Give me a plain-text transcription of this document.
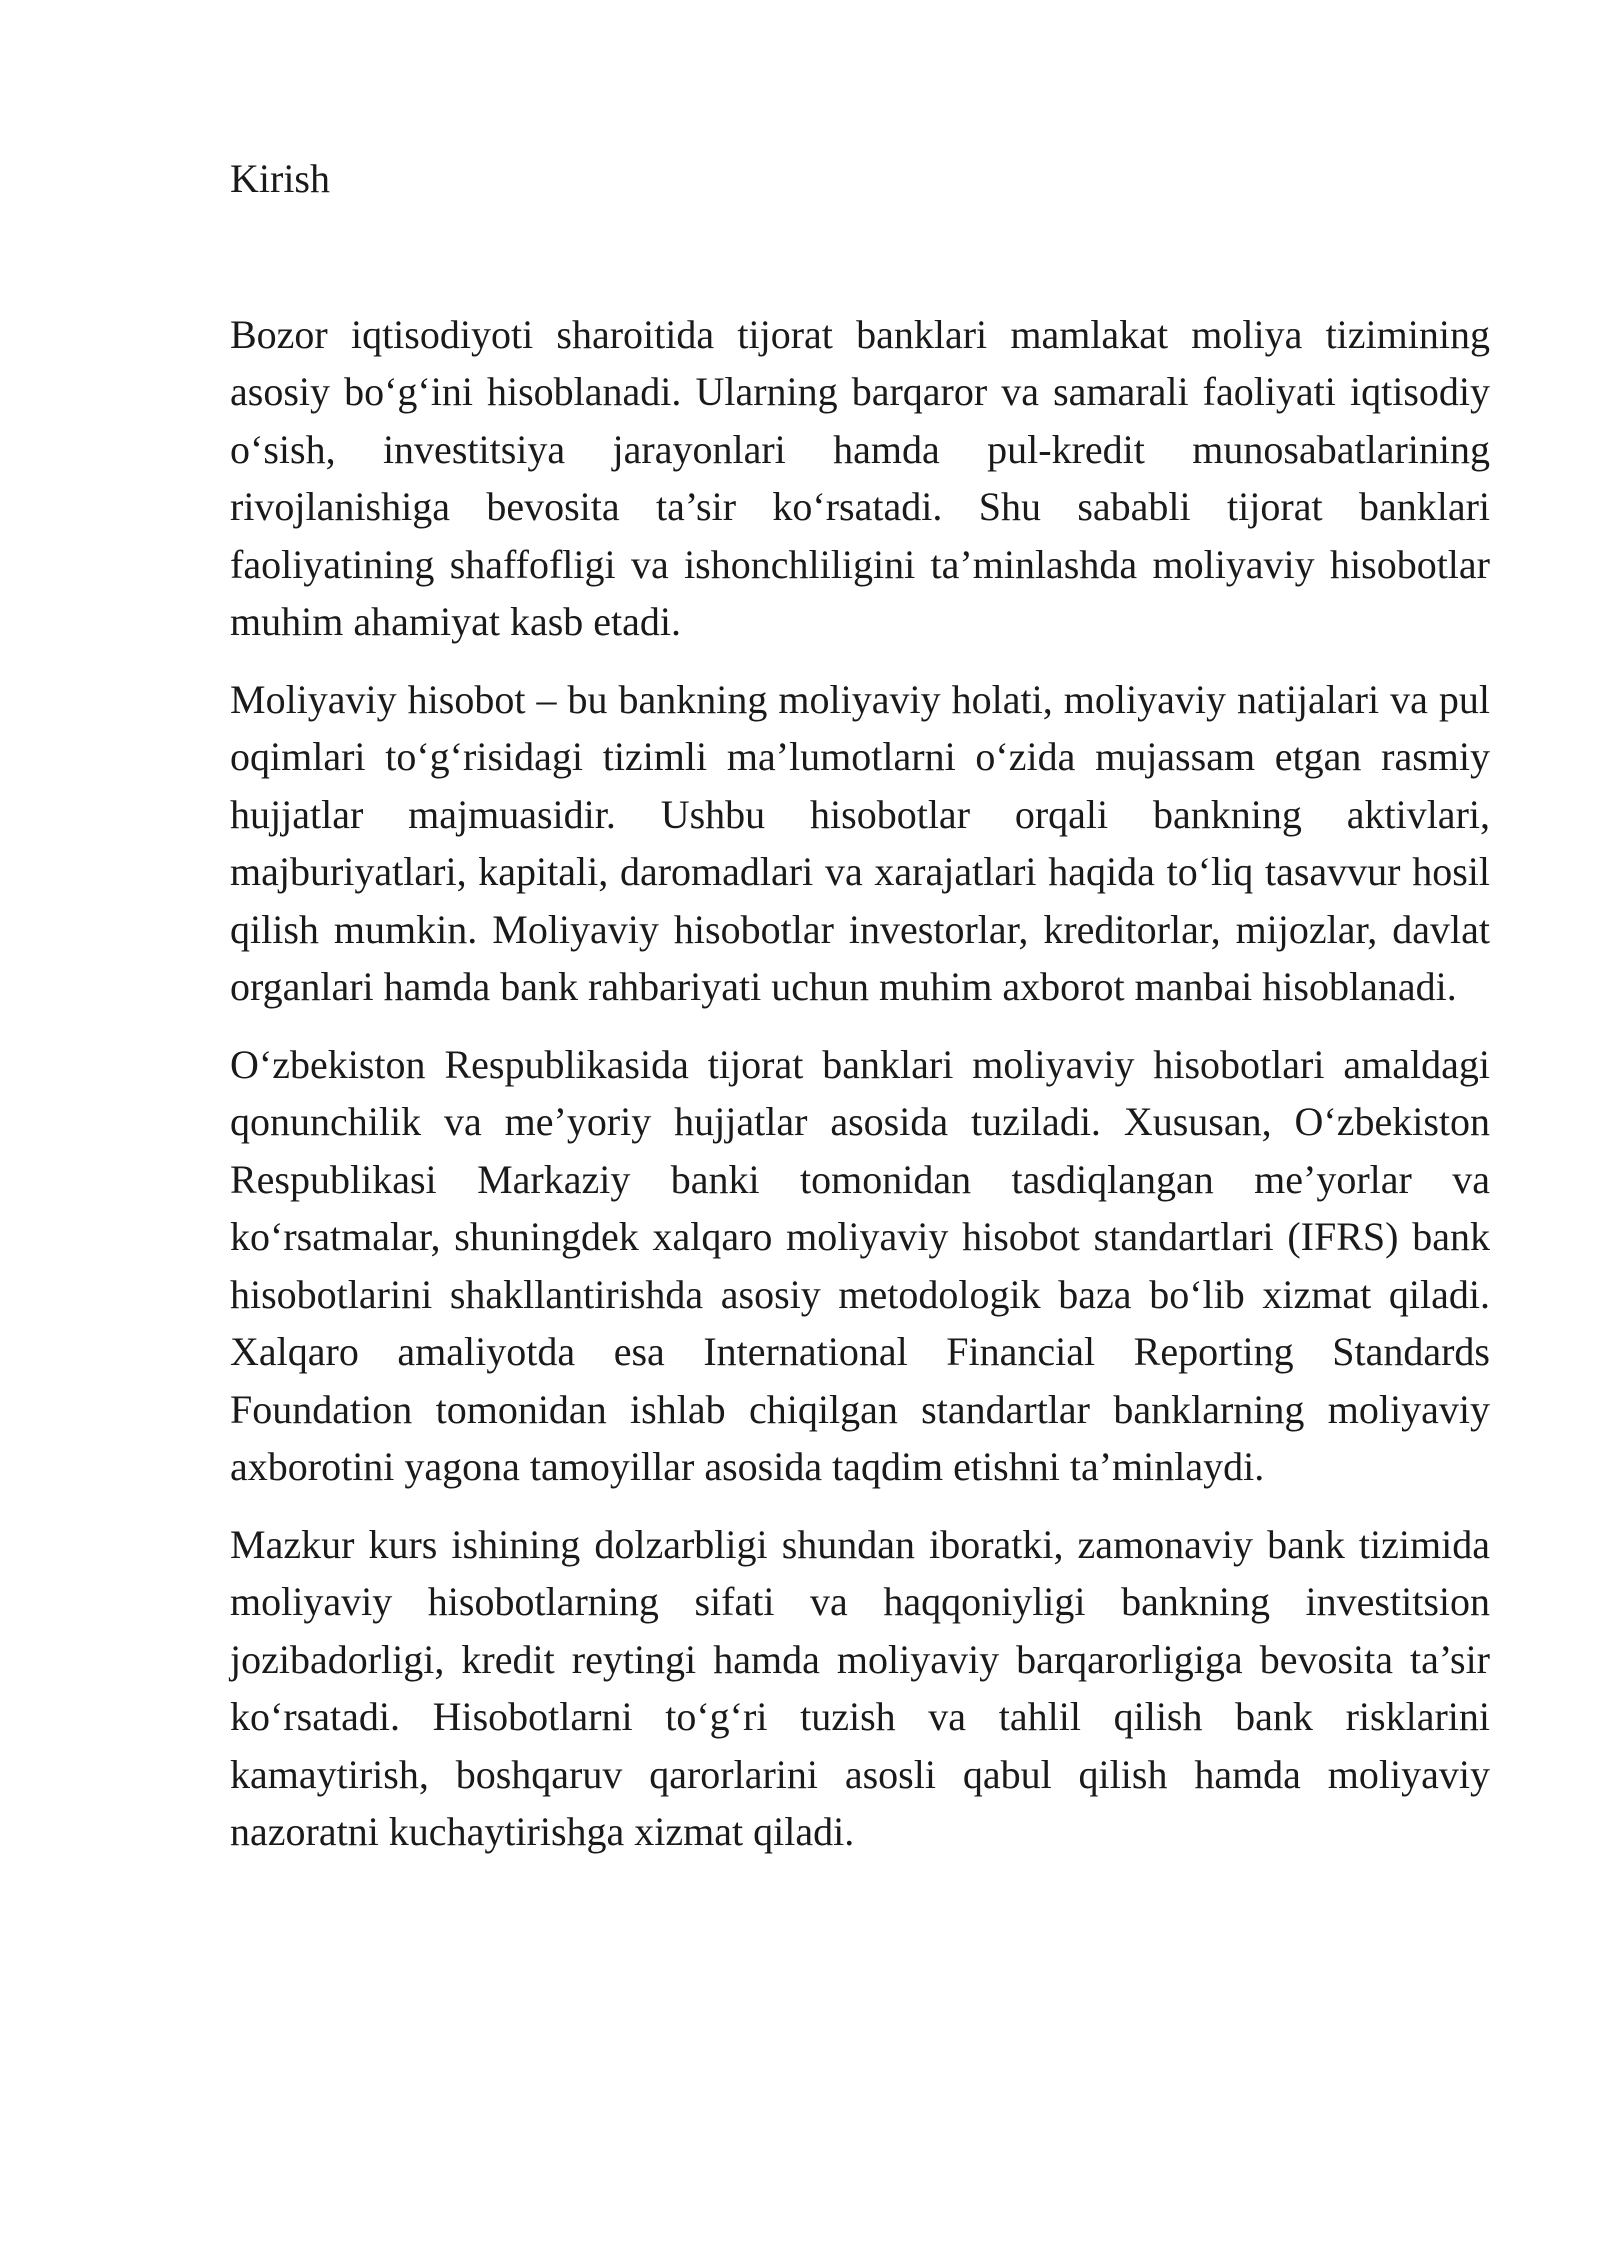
Kirish

Bozor iqtisodiyoti sharoitida tijorat banklari mamlakat moliya tizimining asosiy bo‘g‘ini hisoblanadi. Ularning barqaror va samarali faoliyati iqtisodiy o‘sish, investitsiya jarayonlari hamda pul-kredit munosabatlarining rivojlanishiga bevosita ta’sir ko‘rsatadi. Shu sababli tijorat banklari faoliyatining shaffofligi va ishonchliligini ta’minlashda moliyaviy hisobotlar muhim ahamiyat kasb etadi.

Moliyaviy hisobot – bu bankning moliyaviy holati, moliyaviy natijalari va pul oqimlari to‘g‘risidagi tizimli ma’lumotlarni o‘zida mujassam etgan rasmiy hujjatlar majmuasidir. Ushbu hisobotlar orqali bankning aktivlari, majburiyatlari, kapitali, daromadlari va xarajatlari haqida to‘liq tasavvur hosil qilish mumkin. Moliyaviy hisobotlar investorlar, kreditorlar, mijozlar, davlat organlari hamda bank rahbariyati uchun muhim axborot manbai hisoblanadi.

O‘zbekiston Respublikasida tijorat banklari moliyaviy hisobotlari amaldagi qonunchilik va me’yoriy hujjatlar asosida tuziladi. Xususan, O‘zbekiston Respublikasi Markaziy banki tomonidan tasdiqlangan me’yorlar va ko‘rsatmalar, shuningdek xalqaro moliyaviy hisobot standartlari (IFRS) bank hisobotlarini shakllantirishda asosiy metodologik baza bo‘lib xizmat qiladi. Xalqaro amaliyotda esa International Financial Reporting Standards Foundation tomonidan ishlab chiqilgan standartlar banklarning moliyaviy axborotini yagona tamoyillar asosida taqdim etishni ta’minlaydi.

Mazkur kurs ishining dolzarbligi shundan iboratki, zamonaviy bank tizimida moliyaviy hisobotlarning sifati va haqqoniyligi bankning investitsion jozibadorligi, kredit reytingi hamda moliyaviy barqarorligiga bevosita ta’sir ko‘rsatadi. Hisobotlarni to‘g‘ri tuzish va tahlil qilish bank risklarini kamaytirish, boshqaruv qarorlarini asosli qabul qilish hamda moliyaviy nazoratni kuchaytirishga xizmat qiladi.
